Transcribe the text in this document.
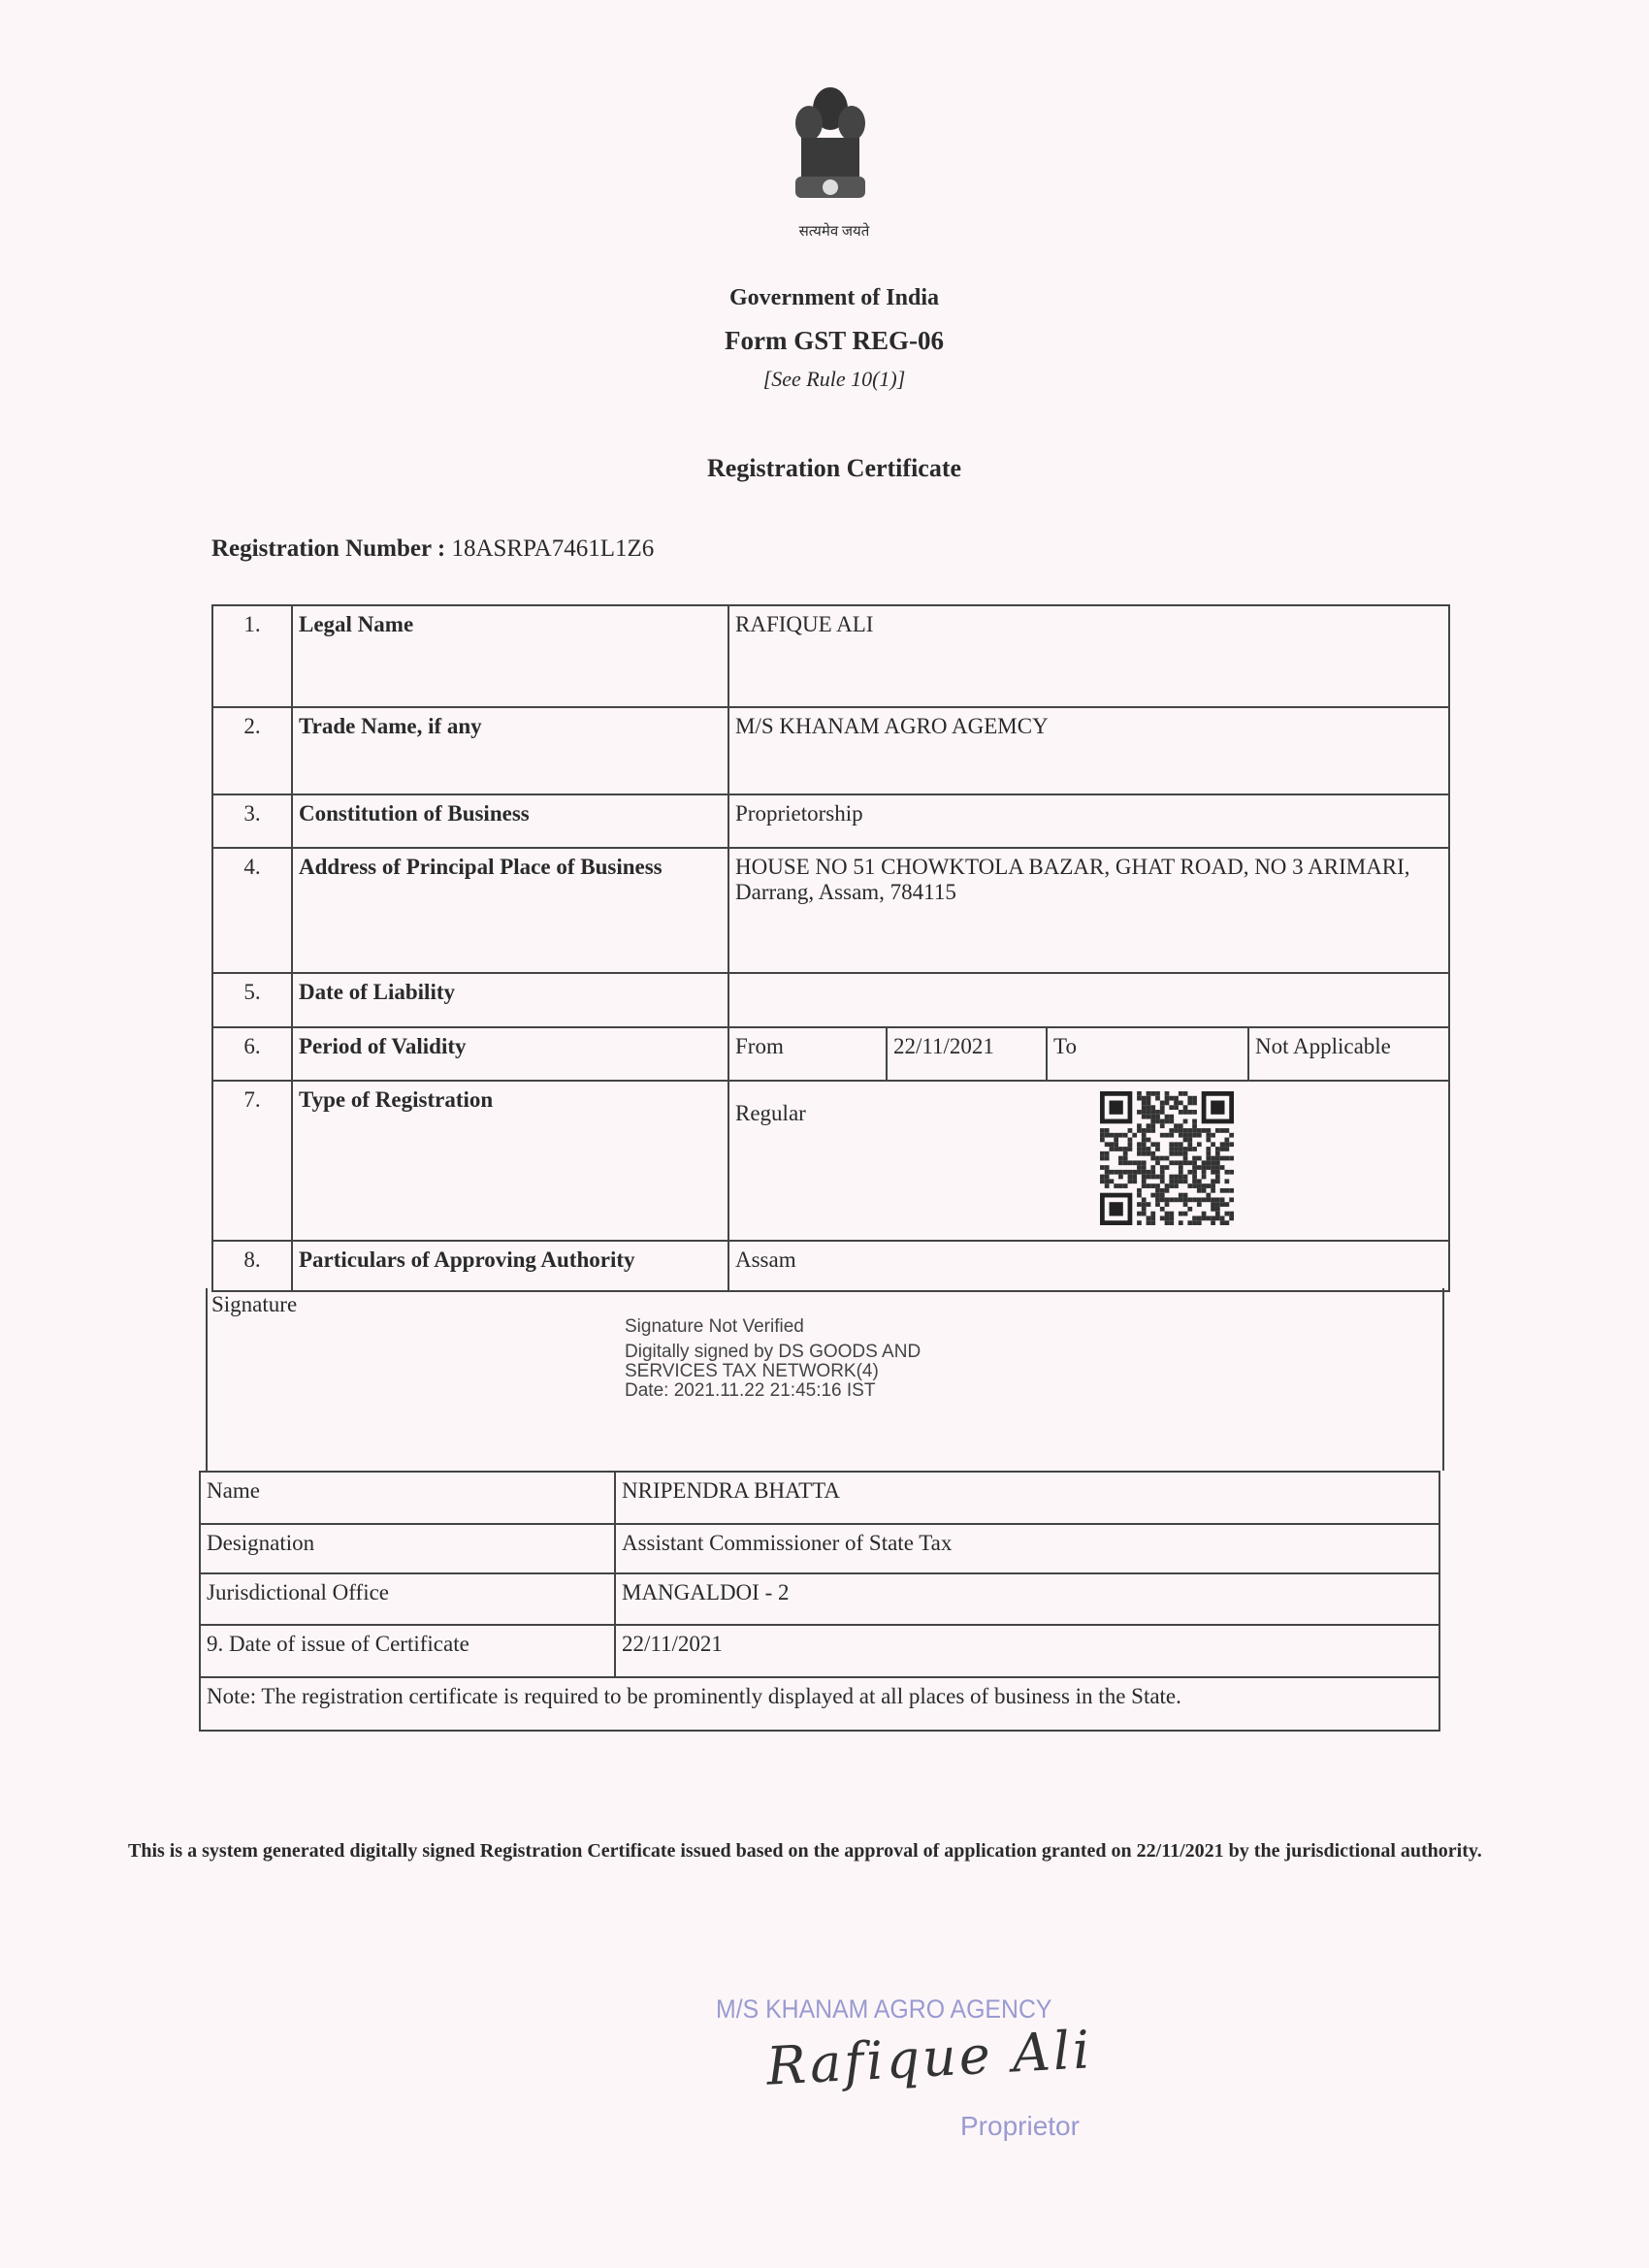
सत्यमेव जयते
Government of India
Form GST REG-06
[See Rule 10(1)]
Registration Certificate
Registration Number : 18ASRPA7461L1Z6
1.	Legal Name	RAFIQUE ALI			
2.	Trade Name, if any	M/S KHANAM AGRO AGEMCY			
3.	Constitution of Business	Proprietorship			
4.	Address of Principal Place of Business	HOUSE NO 51 CHOWKTOLA BAZAR, GHAT ROAD, NO 3 ARIMARI, Darrang, Assam, 784115			
5.	Date of Liability				
6.	Period of Validity	From	22/11/2021	To	Not Applicable
7.	Type of Registration	Regular			

8.	Particulars of Approving Authority	Assam			
Signature
Signature Not Verified
Digitally signed by DS GOODS AND
SERVICES TAX NETWORK(4)
Date: 2021.11.22 21:45:16 IST
Name	NRIPENDRA BHATTA
Designation	Assistant Commissioner of State Tax
Jurisdictional Office	MANGALDOI - 2
9. Date of issue of Certificate	22/11/2021
Note: The registration certificate is required to be prominently displayed at all places of business in the State.	
This is a system generated digitally signed Registration Certificate issued based on the approval of application granted on 22/11/2021 by the jurisdictional authority.
M/S KHANAM AGRO AGENCY
Rafique Ali
Proprietor
